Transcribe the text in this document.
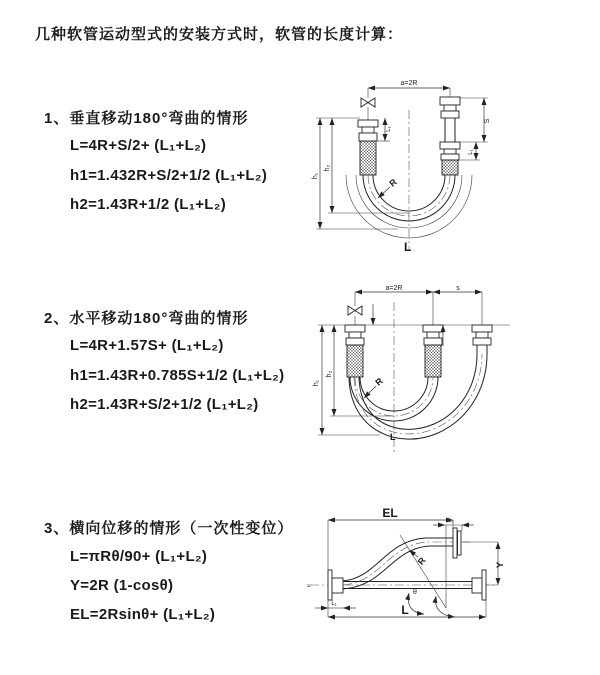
几种软管运动型式的安装方式时，软管的长度计算：
1、垂直移动180°弯曲的情形
L=4R+S/2+ (L₁+L₂)
h1=1.432R+S/2+1/2 (L₁+L₂)
h2=1.43R+1/2 (L₁+L₂)
2、水平移动180°弯曲的情形
L=4R+1.57S+ (L₁+L₂)
h1=1.43R+0.785S+1/2 (L₁+L₂)
h2=1.43R+S/2+1/2 (L₁+L₂)
3、横向位移的情形（一次性变位）
L=πRθ/90+ (L₁+L₂)
Y=2R (1-cosθ)
EL=2Rsinθ+ (L₁+L₂)
a=2R
h₁
h₂
L₁
S
L₁
R
L
a=2R	s
h₁
h₂
R
L
≈
θ
R
EL
L₁
Y
L
L₁
